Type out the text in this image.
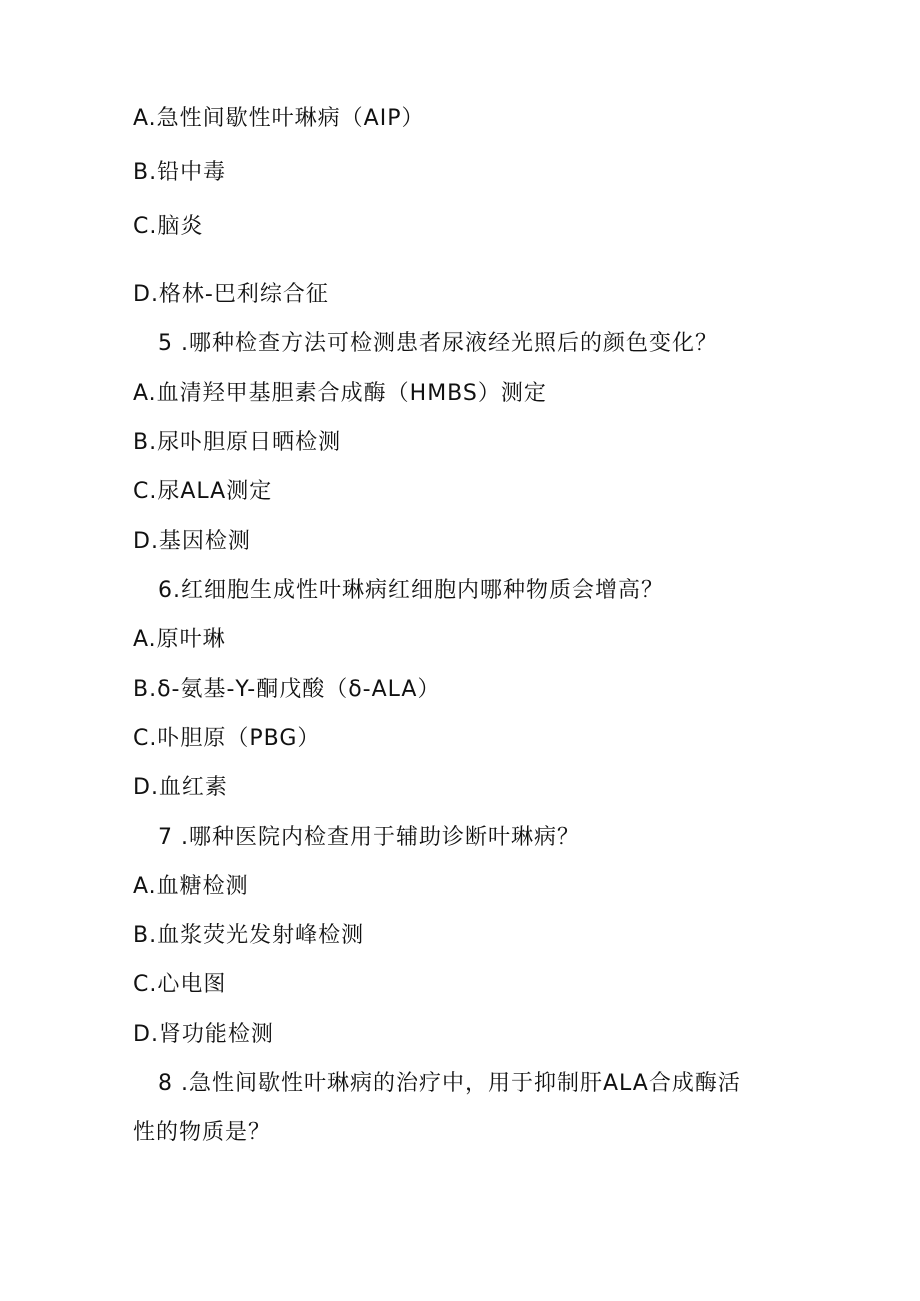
A.急性间歇性叶琳病（AIP）
B.铅中毒
C.脑炎
D.格林-巴利综合征
5 .哪种检查方法可检测患者尿液经光照后的颜色变化？
A.血清羟甲基胆素合成酶（HMBS）测定
B.尿卟胆原日晒检测
C.尿ALA测定
D.基因检测
6.红细胞生成性叶琳病红细胞内哪种物质会增高？
A.原叶琳
B.δ-氨基-Y-酮戊酸（δ-ALA）
C.卟胆原（PBG）
D.血红素
7 .哪种医院内检查用于辅助诊断叶琳病？
A.血糖检测
B.血浆荧光发射峰检测
C.心电图
D.肾功能检测
8 .急性间歇性叶琳病的治疗中，用于抑制肝ALA合成酶活
性的物质是？
